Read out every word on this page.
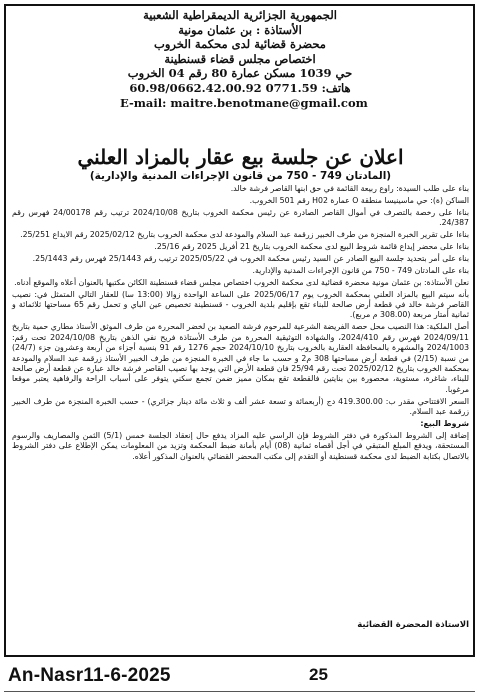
الجمهورية الجزائرية الديمقراطية الشعبية
الأستاذة : بن عثمان مونية
محضرة قضائية لدى محكمة الخروب
اختصاص مجلس قضاء قسنطينة
حي 1039 مسكن عمارة 80 رقم 04 الخروب
هاتف: 0771.59 60.98/0662.42.00.92
E-mail: maitre.benotmane@gmail.com
اعلان عن جلسة بيع عقار بالمزاد العلني
(المادتان 749 - 750 من قانون الإجراءات المدنية والإدارية)

بناء على طلب السيدة: راوع ربيعة القائمة في حق ابنها القاصر فرشة خالد.

الساكن (ة): حي ماسينيسا منطقة O عمارة H02 رقم 501 الخروب.

بناءا على رخصة بالتصرف في أموال القاصر الصادرة عن رئيس محكمة الخروب بتاريخ 2024/10/08 ترتيب رقم 24/00178 فهرس رقم 24/387.

بناءا على تقرير الخبرة المنجزة من طرف الخبير زرقمة عبد السلام والمودعة لدى محكمة الخروب بتاريخ 2025/02/12 رقم الايداع 25/251.

بناءا على محضر إيداع قائمة شروط البيع لدى محكمة الخروب بتاريخ 21 أفريل 2025 رقم 25/16.

بناء على أمر بتحديد جلسة البيع الصادر عن السيد رئيس محكمة الخروب في 2025/05/22 ترتيب رقم 25/1443 فهرس رقم 25/1443.

بناء على المادتان 749 - 750 من قانون الإجراءات المدنية والإدارية.

نعلن الأستاذة: بن عثمان مونية محضرة قضائية لدى محكمة الخروب اختصاص مجلس قضاء قسنطينة الكائن مكتبها بالعنوان أعلاه والموقع أدناه.

بأنه سيتم البيع بالمزاد العلني بمحكمة الخروب يوم 2025/06/17 على الساعة الواحدة زوالا (13:00 سا) للعقار التالي المتمثل في: نصيب القاصر فرشة خالد في قطعة أرض صالحة للبناء تقع بإقليم بلدية الخروب - قسنطينة تخصيص عين الباي و تحمل رقم 65 مساحتها ثلاثمائة و ثمانية أمتار مربعة (308.00 م مربع).

أصل الملكية: هذا النصيب محل حصة الفريضة الشرعية للمرحوم فرشة الصعيد بن لخضر المحررة من طرف الموثق الأستاذ مطاري حمية بتاريخ 2024/09/11 فهرس رقم 2024/410، والشهادة التوثيقية المحررة من طرف الأستاذة فريح نفي الذهن بتاريخ 2024/10/08 تحت رقم: 2024/1003 والمشهرة بالمحافظة العقارية بالخروب بتاريخ 2024/10/10 حجم 1276 رقم 91 بنسبة أجزاء من أربعة وعشرون جزء (24/7) من نسبة (2/15) في قطعة أرض مساحتها 308 م2 و حسب ما جاء في الخبرة المنجزة من طرف الخبير الأستاذ زرقمة عبد السلام والمودعة بمحكمة الخروب بتاريخ 2025/02/12 تحت رقم 25/94 فان قطعة الأرض التي يوجد بها نصيب القاصر فرشة خالد عبارة عن قطعة أرض صالحة للبناء، شاغرة، مستوية، محصورة بين بنايتين فالقطعة تقع بمكان مميز ضمن تجمع سكني يتوفر على أسباب الراحة والرفاهية يعتبر موقعا مرغوبا.

السعر الافتتاحي مقدر ب: 419.300.00 دج (أربعمائة و تسعة عشر ألف و ثلاث مائة دينار جزائري) - حسب الخبرة المنجزة من طرف الخبير زرقمة عبد السلام.

شروط البيع:

إضافة إلى الشروط المذكورة في دفتر الشروط فإن الراسي عليه المزاد يدفع حال إنعقاد الجلسة خمس (5/1) الثمن والمصاريف والرسوم المستحقة، ويدفع المبلغ المتبقي في أجل أقصاه ثمانية (08) أيام بأمانة ضبط المحكمة وتزيد من المعلومات يمكن الإطلاع على دفتر الشروط بالاتصال بكتابة الضبط لدى محكمة قسنطينة أو التقدم إلى مكتب المحضر القضائي بالعنوان المذكور أعلاه.

الاستاذة المحضرة القضائية
An-Nasr11-6-2025	25
